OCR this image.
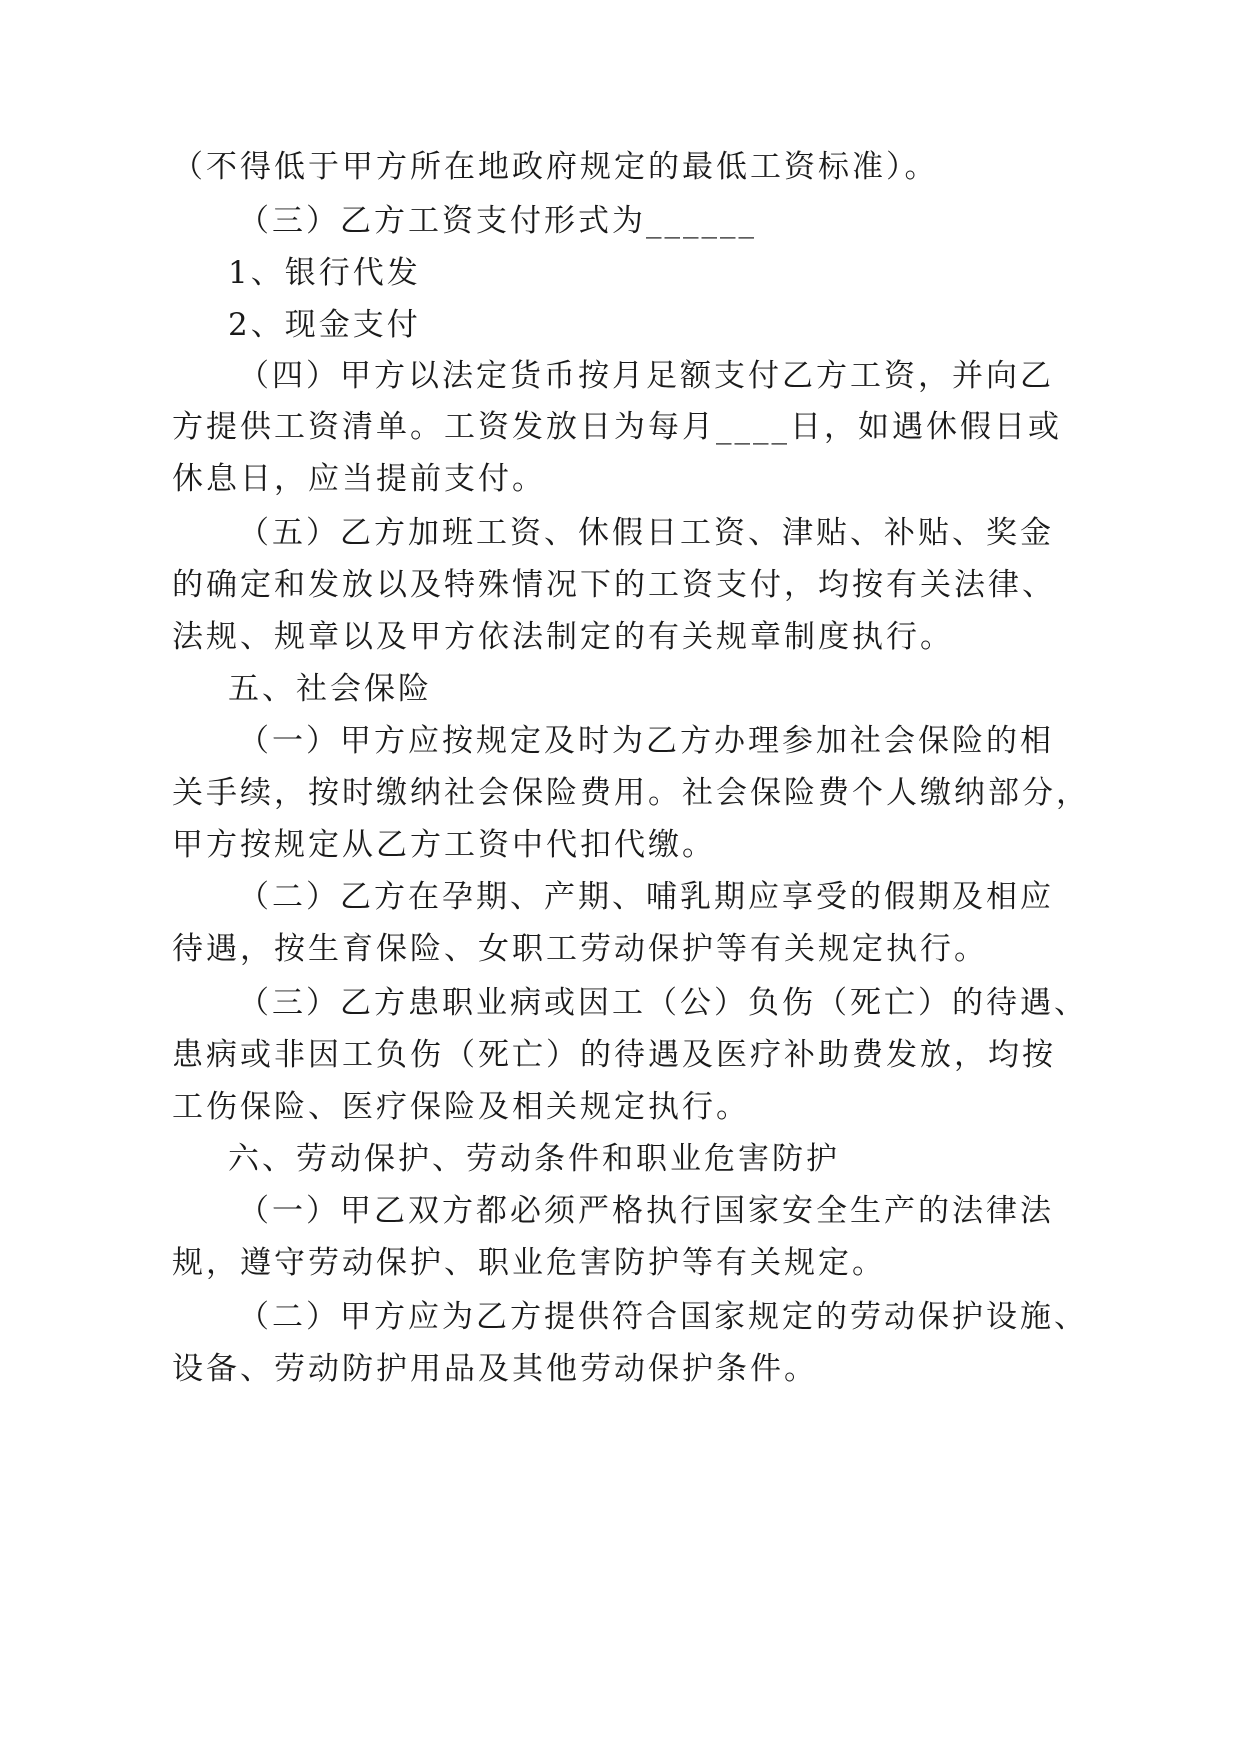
（不得低于甲方所在地政府规定的最低工资标准）。
（三）乙方工资支付形式为______
1、银行代发
2、现金支付
（四）甲方以法定货币按月足额支付乙方工资，并向乙
方提供工资清单。工资发放日为每月____日，如遇休假日或
休息日，应当提前支付。
（五）乙方加班工资、休假日工资、津贴、补贴、奖金
的确定和发放以及特殊情况下的工资支付，均按有关法律、
法规、规章以及甲方依法制定的有关规章制度执行。
五、社会保险
（一）甲方应按规定及时为乙方办理参加社会保险的相
关手续，按时缴纳社会保险费用。社会保险费个人缴纳部分，
甲方按规定从乙方工资中代扣代缴。
（二）乙方在孕期、产期、哺乳期应享受的假期及相应
待遇，按生育保险、女职工劳动保护等有关规定执行。
（三）乙方患职业病或因工（公）负伤（死亡）的待遇、
患病或非因工负伤（死亡）的待遇及医疗补助费发放，均按
工伤保险、医疗保险及相关规定执行。
六、劳动保护、劳动条件和职业危害防护
（一）甲乙双方都必须严格执行国家安全生产的法律法
规，遵守劳动保护、职业危害防护等有关规定。
（二）甲方应为乙方提供符合国家规定的劳动保护设施、
设备、劳动防护用品及其他劳动保护条件。
